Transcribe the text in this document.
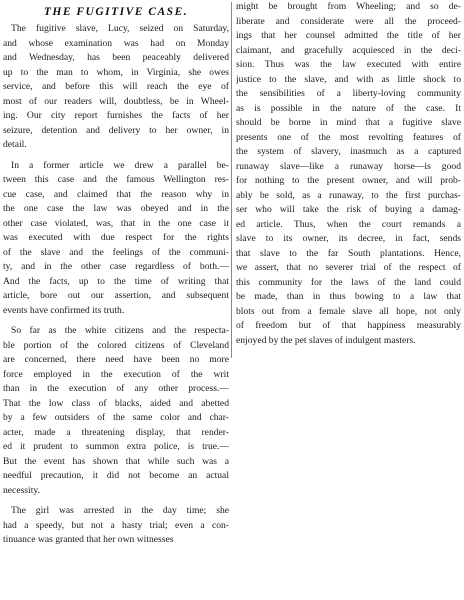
THE FUGITIVE CASE.
The fugitive slave, Lucy, seized on Saturday,
and whose examination was had on Monday
and Wednesday, has been peaceably delivered
up to the man to whom, in Virginia, she owes
service, and before this will reach the eye of
most of our readers will, doubtless, be in Wheel-
ing. Our city report furnishes the facts of her
seizure, detention and delivery to her owner, in
detail.
In a former article we drew a parallel be-
tween this case and the famous Wellington res-
cue case, and claimed that the reason why in
the one case the law was obeyed and in the
other case violated, was, that in the one case it
was executed with due respect for the rights
of the slave and the feelings of the communi-
ty, and in the other case regardless of both.—
And the facts, up to the time of writing that
article, bore out our assertion, and subsequent
events have confirmed its truth.
So far as the white citizens and the respecta-
ble portion of the colored citizens of Cleveland
are concerned, there need have been no more
force employed in the execution of the writ
than in the execution of any other process.—
That the low class of blacks, aided and abetted
by a few outsiders of the same color and char-
acter, made a threatening display, that render-
ed it prudent to summon extra police, is true.—
But the event has shown that while such was a
needful precaution, it did not become an actual
necessity.
The girl was arrested in the day time; she
had a speedy, but not a hasty trial; even a con-
tinuance was granted that her own witnesses
might be brought from Wheeling; and so de-
liberate and considerate were all the proceed-
ings that her counsel admitted the title of her
claimant, and gracefully acquiesced in the deci-
sion. Thus was the law executed with entire
justice to the slave, and with as little shock to
the sensibilities of a liberty-loving community
as is possible in the nature of the case. It
should be borne in mind that a fugitive slave
presents one of the most revolting features of
the system of slavery, inasmuch as a captured
runaway slave—like a runaway horse—is good
for nothing to the present owner, and will prob-
ably be sold, as a runaway, to the first purchas-
ser who will take the risk of buying a damag-
ed article. Thus, when the court remands a
slave to its owner, its decree, in fact, sends
that slave to the far South plantations. Hence,
we assert, that no severer trial of the respect of
this community for the laws of the land could
be made, than in thus bowing to a law that
blots out from a female slave all hope, not only
of freedom but of that happiness measurably
enjoyed by the pet slaves of indulgent masters.
